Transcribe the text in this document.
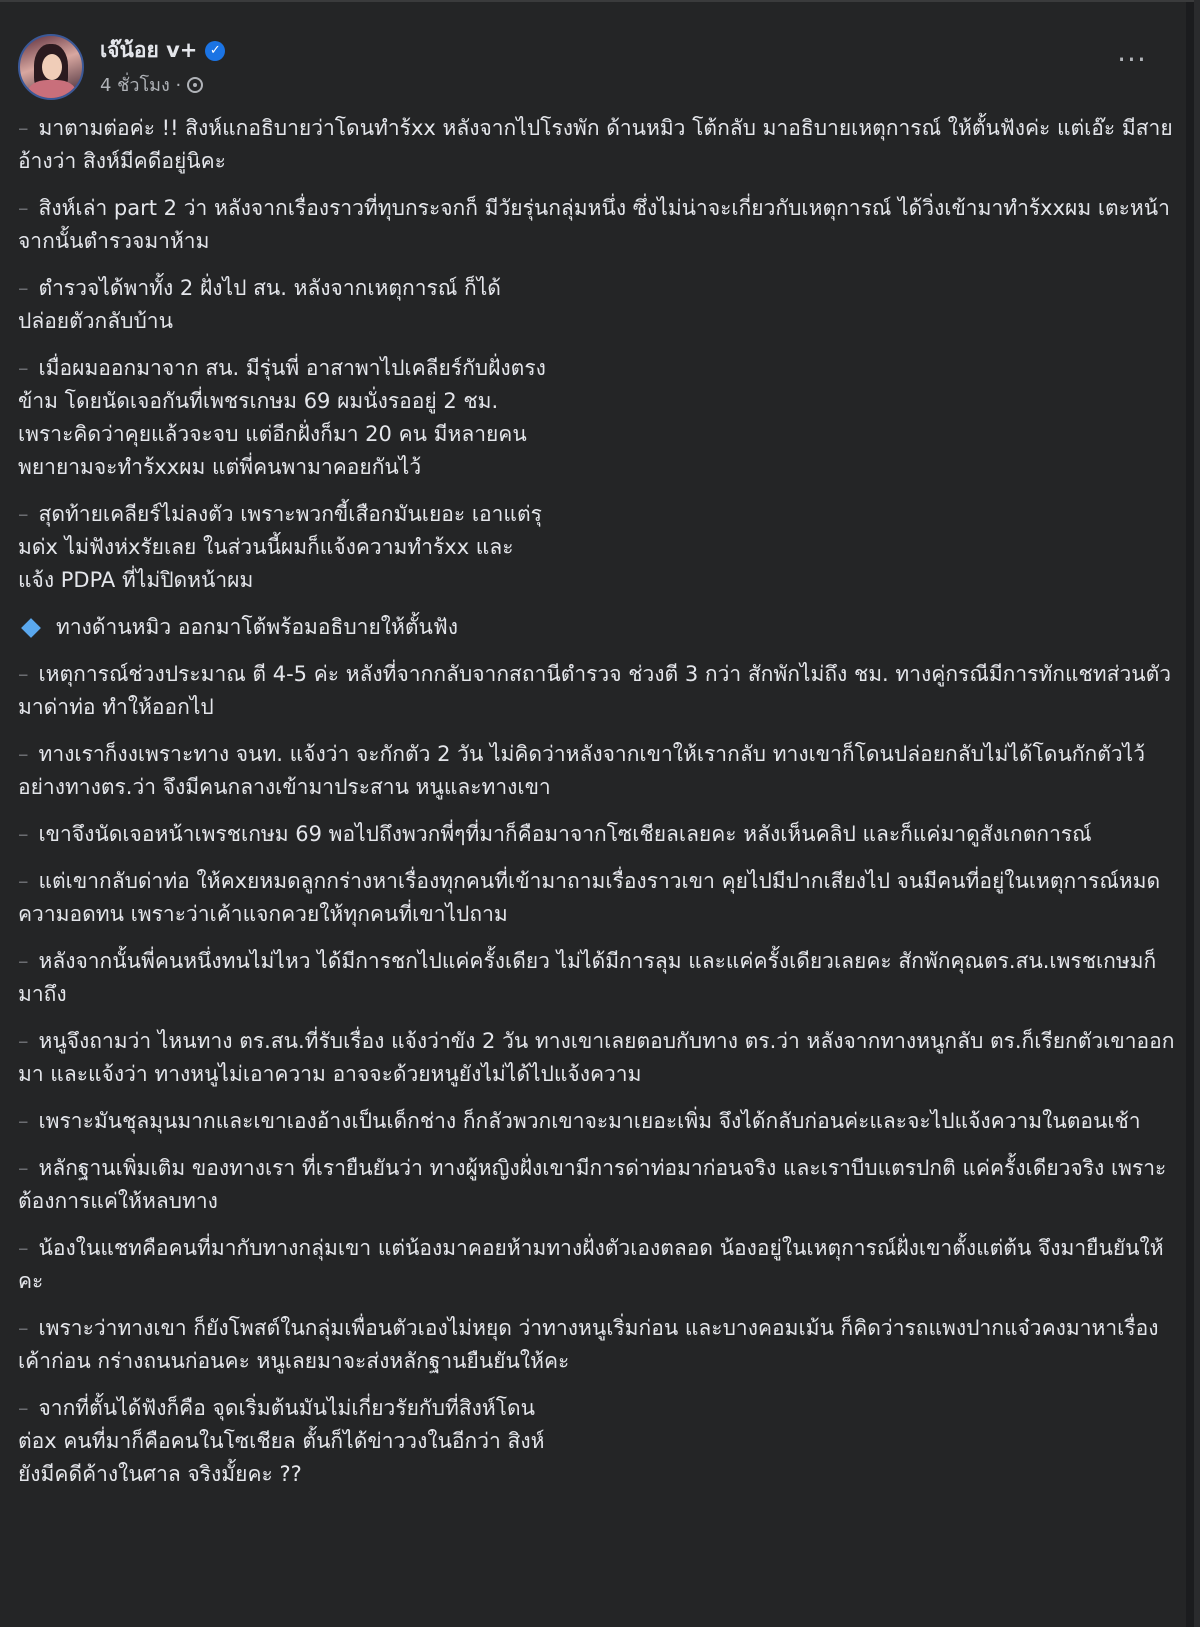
เจ๊น้อย v+ ✓
4 ชั่วโมง ·
···

– มาตามต่อค่ะ !! สิงห์แกอธิบายว่าโดนทำร้xx หลังจากไปโรงพัก ด้านหมิว โต้กลับ มาอธิบายเหตุการณ์ ให้ตั้นฟังค่ะ แต่เอ๊ะ มีสายอ้างว่า สิงห์มีคดีอยู่นิคะ

– สิงห์เล่า part 2 ว่า หลังจากเรื่องราวที่ทุบกระจกก็ มีวัยรุ่นกลุ่มหนึ่ง ซึ่งไม่น่าจะเกี่ยวกับเหตุการณ์ ได้วิ่งเข้ามาทำร้xxผม เตะหน้า จากนั้นตำรวจมาห้าม

– ตำรวจได้พาทั้ง 2 ฝั่งไป สน. หลังจากเหตุการณ์ ก็ได้ปล่อยตัวกลับบ้าน

– เมื่อผมออกมาจาก สน. มีรุ่นพี่ อาสาพาไปเคลียร์กับฝั่งตรงข้าม โดยนัดเจอกันที่เพชรเกษม 69 ผมนั่งรออยู่ 2 ชม. เพราะคิดว่าคุยแล้วจะจบ แต่อีกฝั่งก็มา 20 คน มีหลายคนพยายามจะทำร้xxผม แต่พี่คนพามาคอยกันไว้

– สุดท้ายเคลียร์ไม่ลงตัว เพราะพวกขี้เสือกมันเยอะ เอาแต่รุมด่x ไม่ฟังห่xรัยเลย ในส่วนนี้ผมก็แจ้งความทำร้xx และแจ้ง PDPA ที่ไม่ปิดหน้าผม

ทางด้านหมิว ออกมาโต้พร้อมอธิบายให้ตั้นฟัง

– เหตุการณ์ช่วงประมาณ ตี 4-5 ค่ะ หลังที่จากกลับจากสถานีตำรวจ ช่วงตี 3 กว่า สักพักไม่ถึง ชม. ทางคู่กรณีมีการทักแชทส่วนตัว มาด่าท่อ ทำให้ออกไป

– ทางเราก็งงเพราะทาง จนท. แจ้งว่า จะกักตัว 2 วัน ไม่คิดว่าหลังจากเขาให้เรากลับ ทางเขาก็โดนปล่อยกลับไม่ได้โดนกักตัวไว้ อย่างทางตร.ว่า จึงมีคนกลางเข้ามาประสาน หนูและทางเขา

– เขาจึงนัดเจอหน้าเพรชเกษม 69 พอไปถึงพวกพี่ๆที่มาก็คือมาจากโซเชียลเลยคะ หลังเห็นคลิป และก็แค่มาดูสังเกตการณ์

– แต่เขากลับด่าท่อ ให้คxยหมดลูกกร่างหาเรื่องทุกคนที่เข้ามาถามเรื่องราวเขา คุยไปมีปากเสียงไป จนมีคนที่อยู่ในเหตุการณ์หมดความอดทน เพราะว่าเค้าแจกควยให้ทุกคนที่เขาไปถาม

– หลังจากนั้นพี่คนหนึ่งทนไม่ไหว ได้มีการชกไปแค่ครั้งเดียว ไม่ได้มีการลุม และแค่ครั้งเดียวเลยคะ สักพักคุณตร.สน.เพรชเกษมก็มาถึง

– หนูจึงถามว่า ไหนทาง ตร.สน.ที่รับเรื่อง แจ้งว่าขัง 2 วัน ทางเขาเลยตอบกับทาง ตร.ว่า หลังจากทางหนูกลับ ตร.ก็เรียกตัวเขาออกมา และแจ้งว่า ทางหนูไม่เอาความ อาจจะด้วยหนูยังไม่ได้ไปแจ้งความ

– เพราะมันชุลมุนมากและเขาเองอ้างเป็นเด็กช่าง ก็กลัวพวกเขาจะมาเยอะเพิ่ม จึงได้กลับก่อนค่ะและจะไปแจ้งความในตอนเช้า

– หลักฐานเพิ่มเติม ของทางเรา ที่เรายืนยันว่า ทางผู้หญิงฝั่งเขามีการด่าท่อมาก่อนจริง และเราบีบแตรปกติ แค่ครั้งเดียวจริง เพราะต้องการแค่ให้หลบทาง

– น้องในแชทคือคนที่มากับทางกลุ่มเขา แต่น้องมาคอยห้ามทางฝั่งตัวเองตลอด น้องอยู่ในเหตุการณ์ฝั่งเขาตั้งแต่ต้น จึงมายืนยันให้คะ

– เพราะว่าทางเขา ก็ยังโพสต์ในกลุ่มเพื่อนตัวเองไม่หยุด ว่าทางหนูเริ่มก่อน และบางคอมเม้น ก็คิดว่ารถแพงปากแจ๋วคงมาหาเรื่องเค้าก่อน กร่างถนนก่อนคะ หนูเลยมาจะส่งหลักฐานยืนยันให้คะ

– จากที่ตั้นได้ฟังก็คือ จุดเริ่มต้นมันไม่เกี่ยวรัยกับที่สิงห์โดนต่อx คนที่มาก็คือคนในโซเชียล ตั้นก็ได้ข่าววงในอีกว่า สิงห์ยังมีคดีค้างในศาล จริงมั้ยคะ ??
